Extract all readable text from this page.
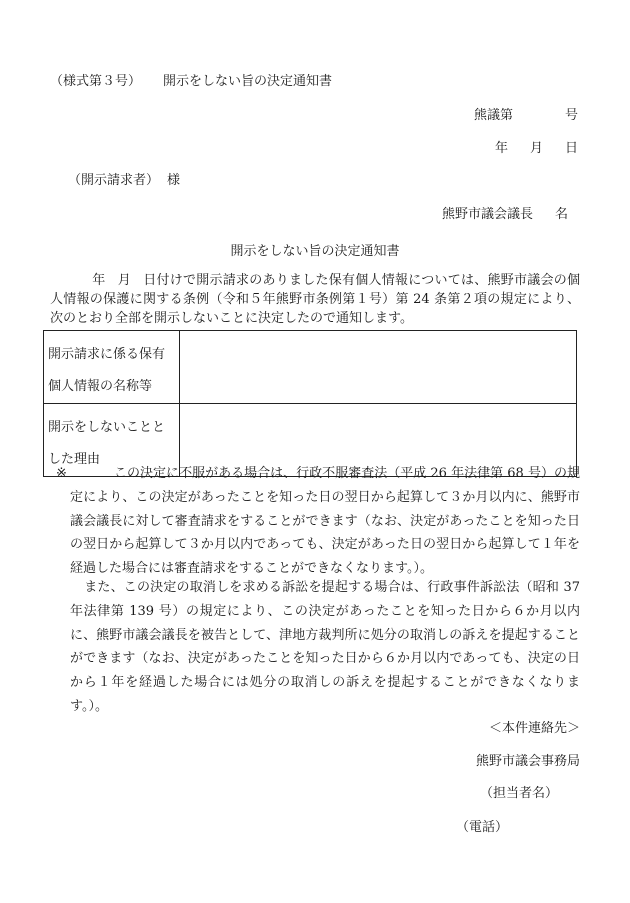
（様式第３号） 開示をしない旨の決定通知書
熊議第	号
年 月 日
（開示請求者） 様
熊野市議会議長 名
開示をしない旨の決定通知書
年 月 日付けで開示請求のありました保有個人情報については、熊野市議会の個人情報の保護に関する条例（令和５年熊野市条例第１号）第 24 条第２項の規定により、次のとおり全部を開示しないことに決定したので通知します。
開示請求に係る保有
個人情報の名称等	

開示をしないことと
した理由	

※	この決定に不服がある場合は、行政不服審査法（平成 26 年法律第 68 号）の規定により、この決定があったことを知った日の翌日から起算して３か月以内に、熊野市議会議長に対して審査請求をすることができます（なお、決定があったことを知った日の翌日から起算して３か月以内であっても、決定があった日の翌日から起算して１年を経過した場合には審査請求をすることができなくなります。）。
また、この決定の取消しを求める訴訟を提起する場合は、行政事件訴訟法（昭和 37 年法律第 139 号）の規定により、この決定があったことを知った日から６か月以内に、熊野市議会議長を被告として、津地方裁判所に処分の取消しの訴えを提起することができます（なお、決定があったことを知った日から６か月以内であっても、決定の日から１年を経過した場合には処分の取消しの訴えを提起することができなくなります。）。
＜本件連絡先＞
熊野市議会事務局
（担当者名）
（電話）
